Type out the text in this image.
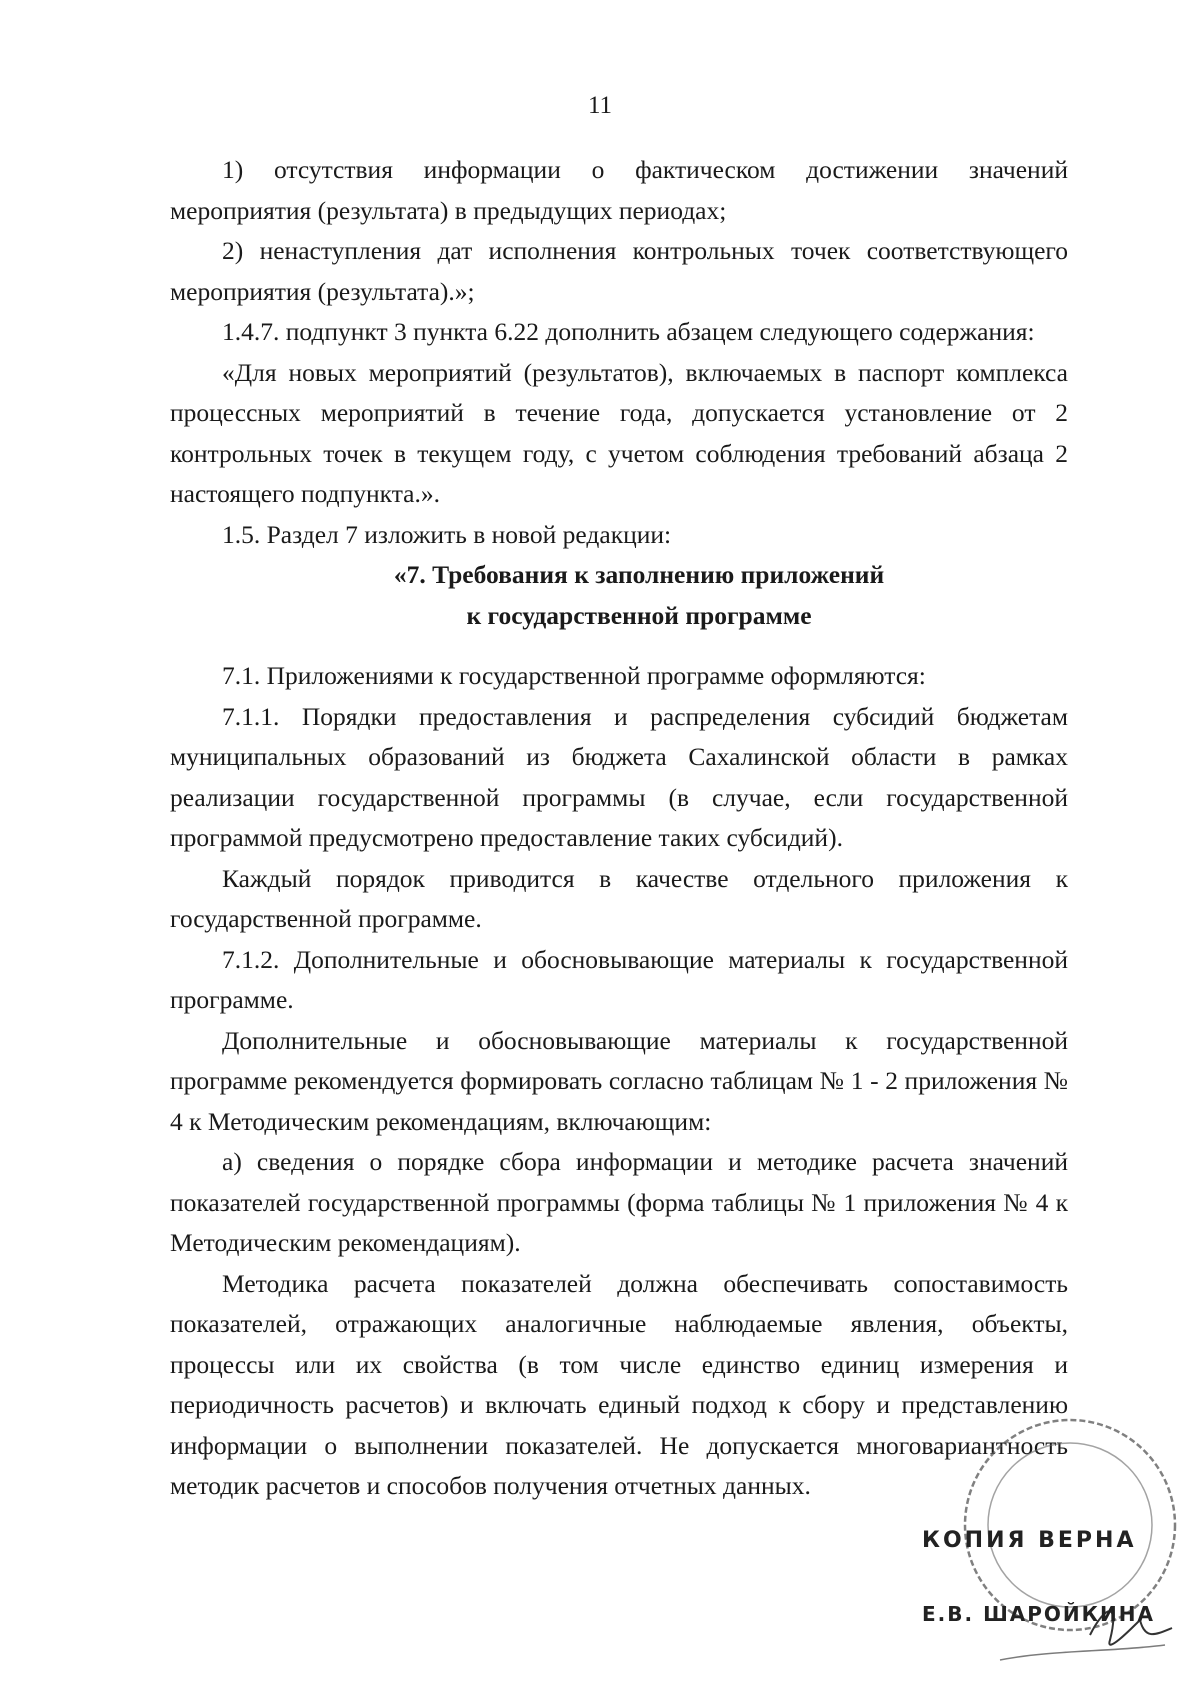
11

1) отсутствия информации о фактическом достижении значений мероприятия (результата) в предыдущих периодах;

2) ненаступления дат исполнения контрольных точек соответствующего мероприятия (результата).»;

1.4.7. подпункт 3 пункта 6.22 дополнить абзацем следующего содержания:

«Для новых мероприятий (результатов), включаемых в паспорт комплекса процессных мероприятий в течение года, допускается установление от 2 контрольных точек в текущем году, с учетом соблюдения требований абзаца 2 настоящего подпункта.».

1.5. Раздел 7 изложить в новой редакции:

«7. Требования к заполнению приложений
к государственной программе

7.1. Приложениями к государственной программе оформляются:

7.1.1. Порядки предоставления и распределения субсидий бюджетам муниципальных образований из бюджета Сахалинской области в рамках реализации государственной программы (в случае, если государственной программой предусмотрено предоставление таких субсидий).

Каждый порядок приводится в качестве отдельного приложения к государственной программе.

7.1.2. Дополнительные и обосновывающие материалы к государственной программе.

Дополнительные и обосновывающие материалы к государственной программе рекомендуется формировать согласно таблицам № 1 - 2 приложения № 4 к Методическим рекомендациям, включающим:

а) сведения о порядке сбора информации и методике расчета значений показателей государственной программы (форма таблицы № 1 приложения № 4 к Методическим рекомендациям).

Методика расчета показателей должна обеспечивать сопоставимость показателей, отражающих аналогичные наблюдаемые явления, объекты, процессы или их свойства (в том числе единство единиц измерения и периодичность расчетов) и включать единый подход к сбору и представлению информации о выполнении показателей. Не допускается многовариантность методик расчетов и способов получения отчетных данных.

КОПИЯ ВЕРНА
Е.В. ШАРОЙКИНА
